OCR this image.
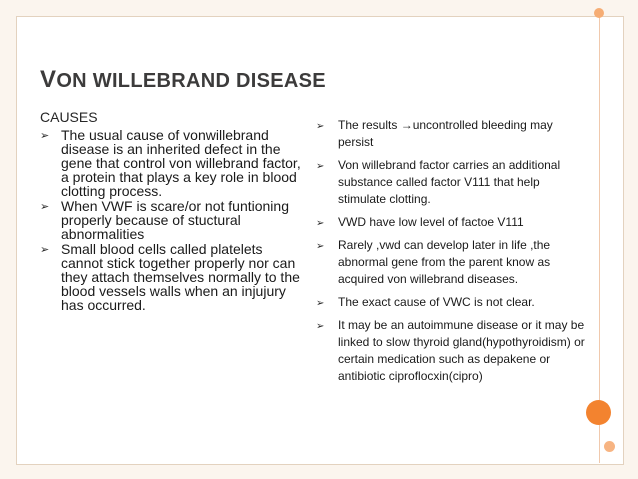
VON WILLEBRAND DISEASE
CAUSES
➢ The usual cause of vonwillebrand disease is an inherited defect in the gene that control von willebrand factor, a protein that plays a key role in blood clotting process.
➢ When VWF is scare/or not funtioning properly because of stuctural abnormalities
➢ Small blood cells called platelets cannot stick together properly nor can they attach themselves normally to the blood vessels walls when an injujury has occurred.
➢ The results →uncontrolled bleeding may persist
➢ Von willebrand factor carries an additional substance called factor V111 that help stimulate clotting.
➢ VWD have low level of factoe V111
➢ Rarely ,vwd can develop later in life ,the abnormal gene from the parent know as acquired von willebrand diseases.
➢ The exact cause of VWC is not clear.
➢ It may be an autoimmune disease or it may be linked to slow thyroid gland(hypothyroidism) or certain medication such as depakene or antibiotic ciproflocxin(cipro)
